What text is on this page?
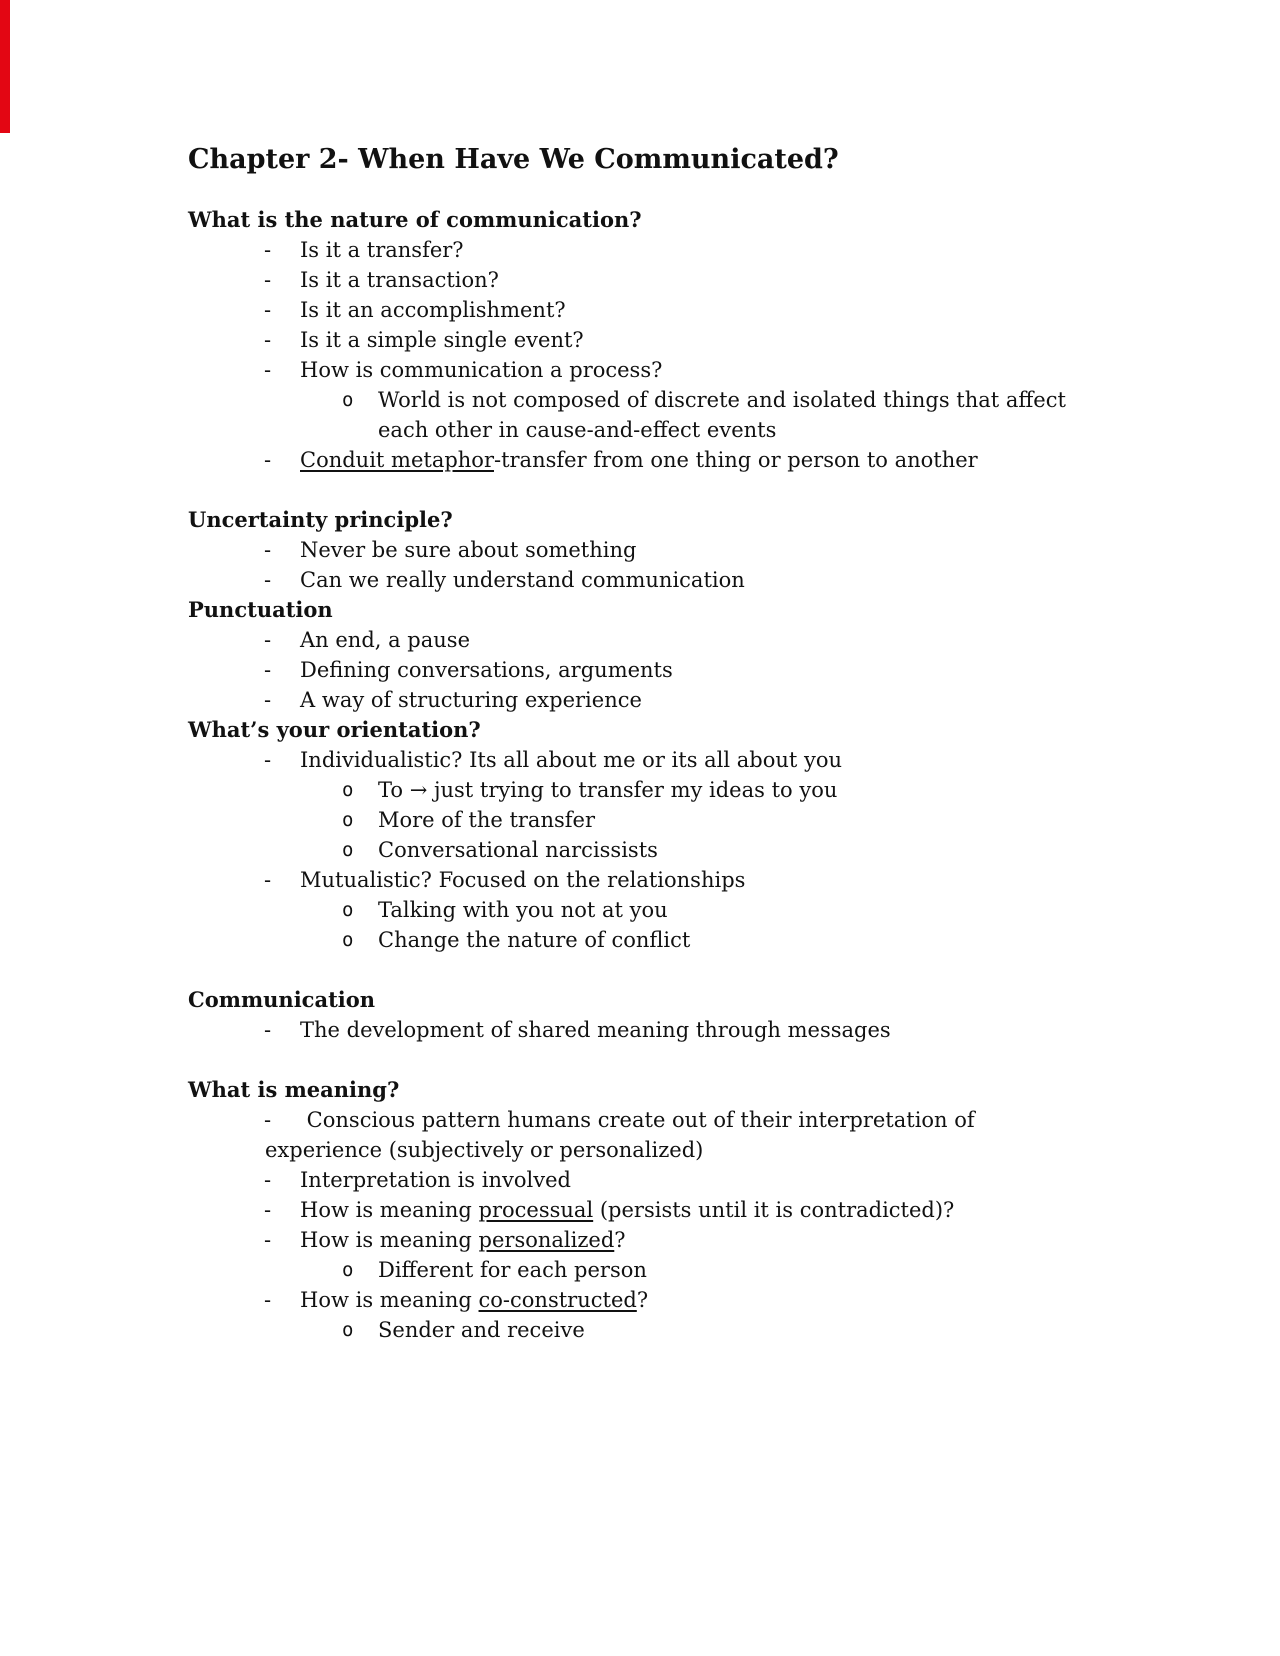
Chapter 2- When Have We Communicated?
What is the nature of communication?
- Is it a transfer?
- Is it a transaction?
- Is it an accomplishment?
- Is it a simple single event?
- How is communication a process?
o World is not composed of discrete and isolated things that affect
each other in cause-and-effect events
- Conduit metaphor-transfer from one thing or person to another
Uncertainty principle?
- Never be sure about something
- Can we really understand communication
Punctuation
- An end, a pause
- Defining conversations, arguments
- A way of structuring experience
What’s your orientation?
- Individualistic? Its all about me or its all about you
o To → just trying to transfer my ideas to you
o More of the transfer
o Conversational narcissists
- Mutualistic? Focused on the relationships
o Talking with you not at you
o Change the nature of conflict
Communication
- The development of shared meaning through messages
What is meaning?
- Conscious pattern humans create out of their interpretation of
experience (subjectively or personalized)
- Interpretation is involved
- How is meaning processual (persists until it is contradicted)?
- How is meaning personalized?
o Different for each person
- How is meaning co-constructed?
o Sender and receive
